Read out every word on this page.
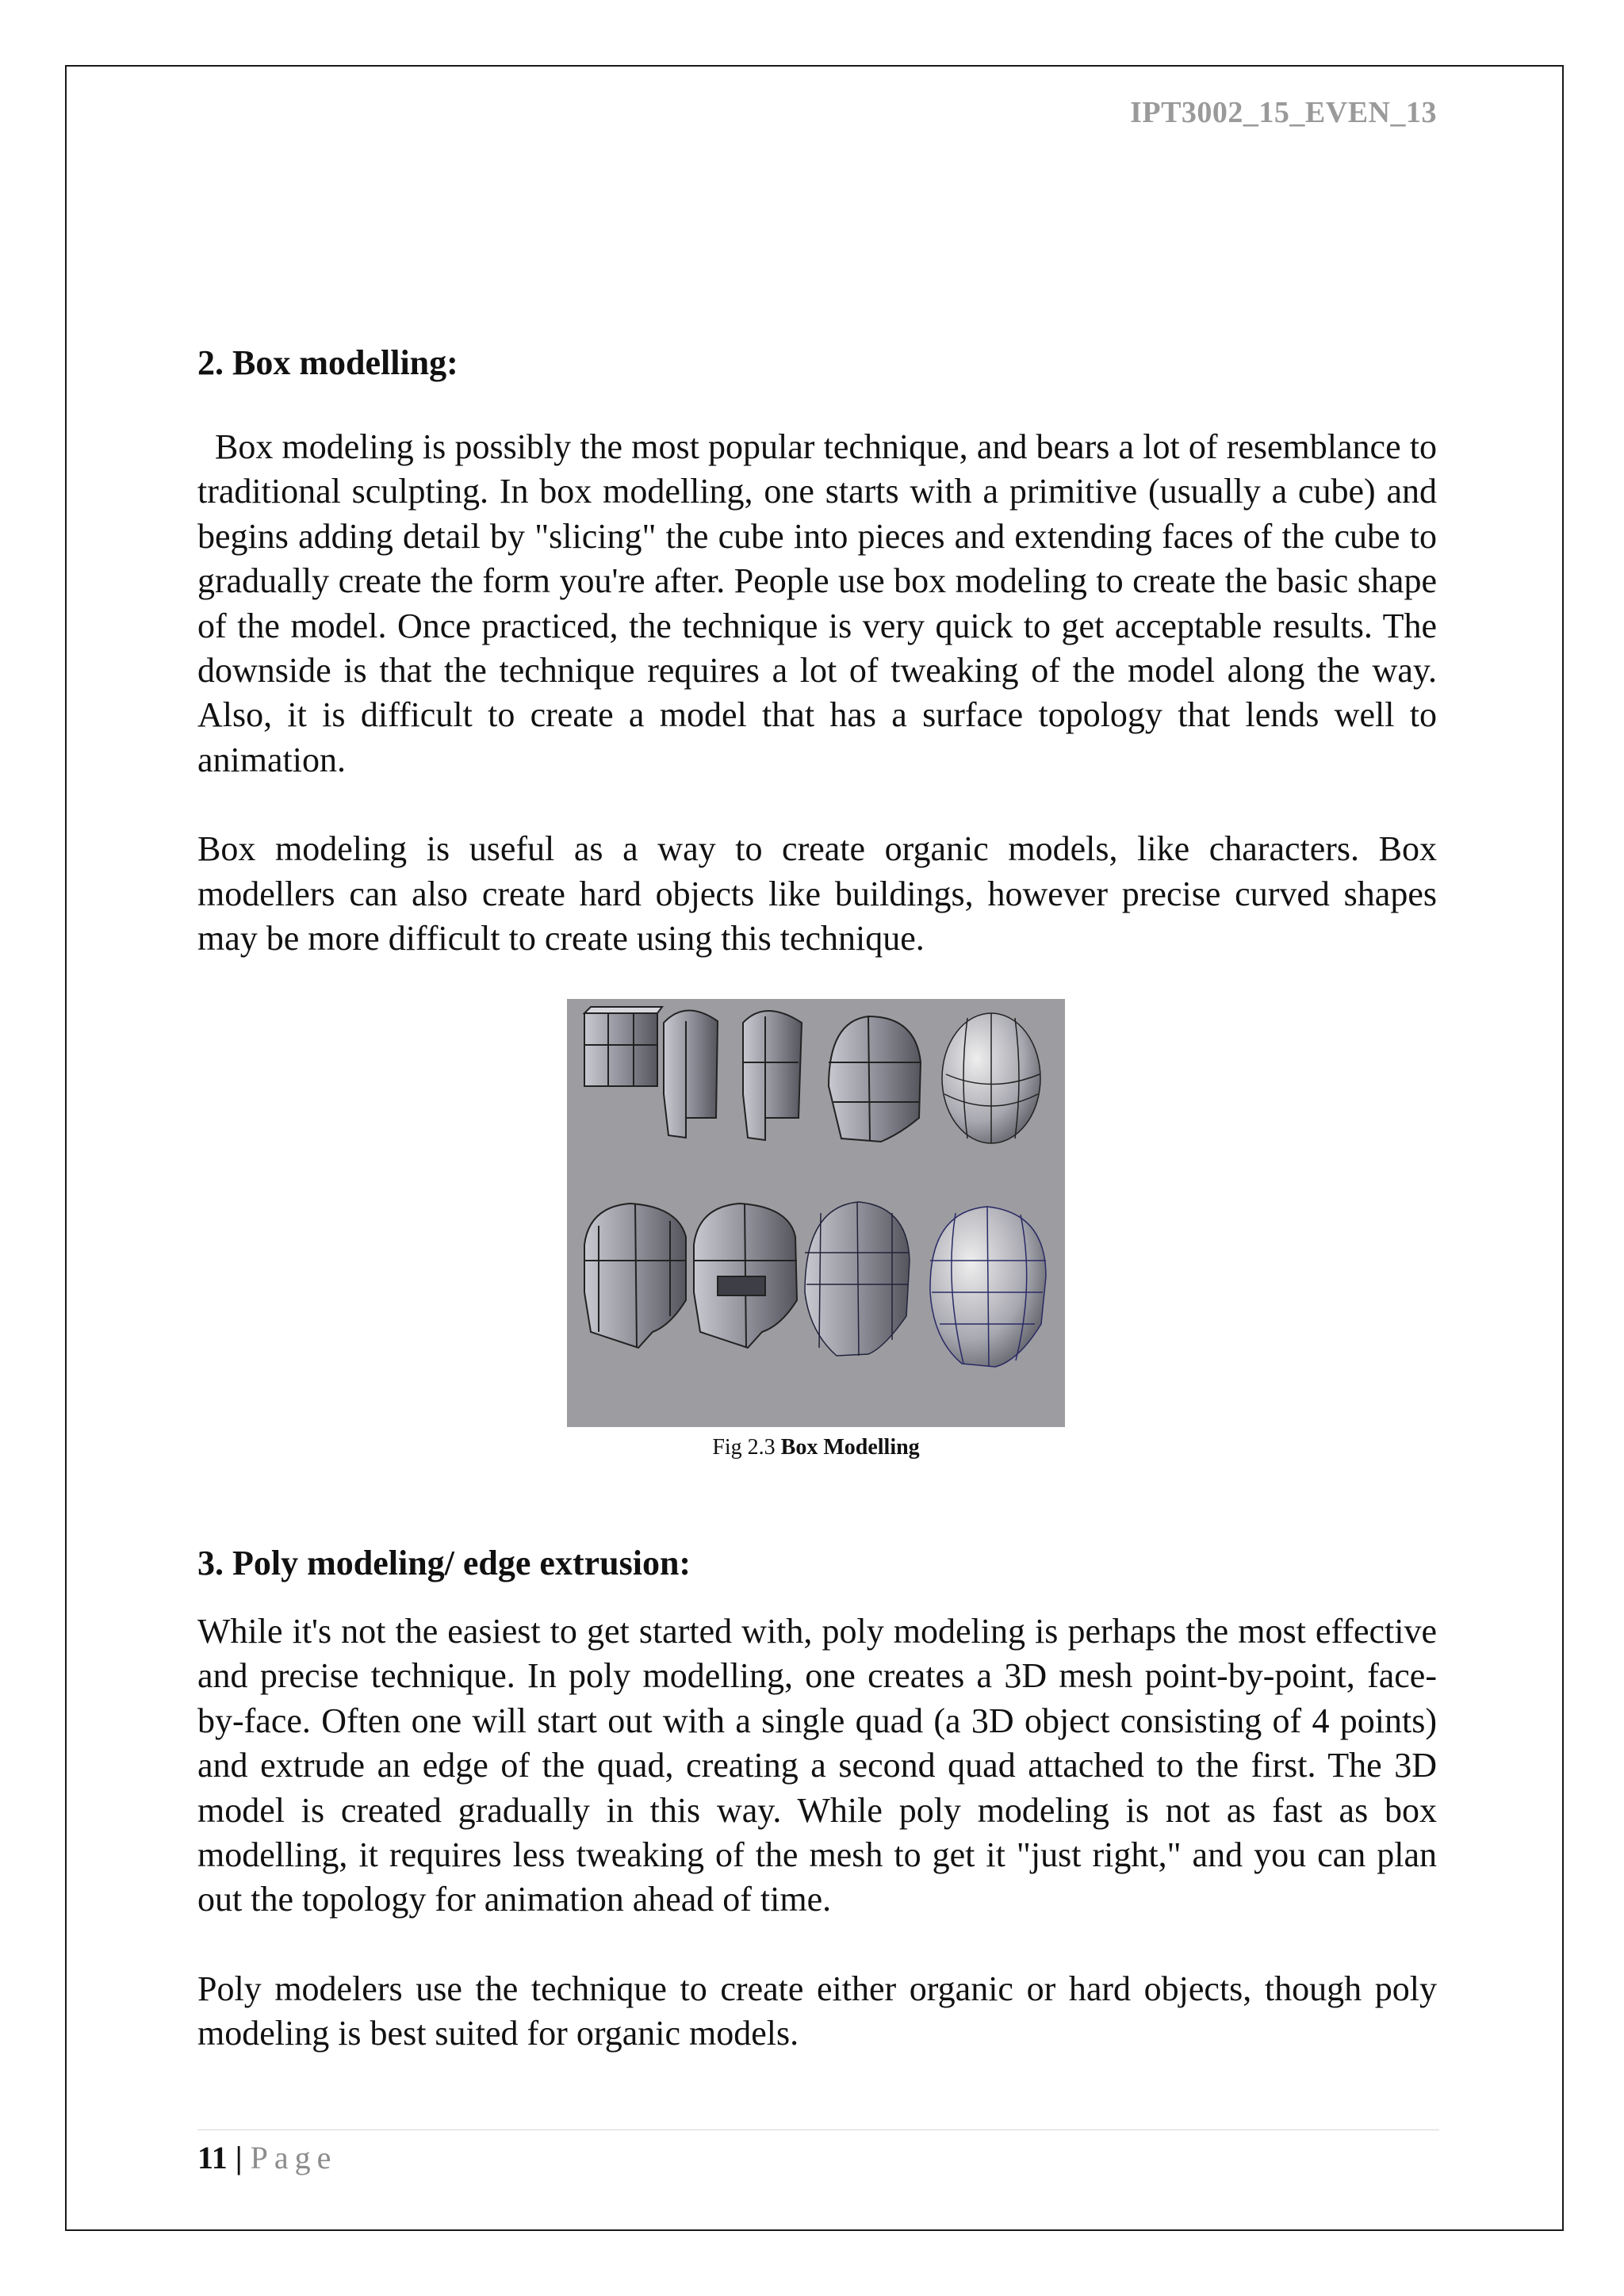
IPT3002_15_EVEN_13
2. Box modelling:

Box modeling is possibly the most popular technique, and bears a lot of resemblance to traditional sculpting. In box modelling, one starts with a primitive (usually a cube) and begins adding detail by "slicing" the cube into pieces and extending faces of the cube to gradually create the form you're after. People use box modeling to create the basic shape of the model. Once practiced, the technique is very quick to get acceptable results. The downside is that the technique requires a lot of tweaking of the model along the way. Also, it is difficult to create a model that has a surface topology that lends well to animation.

Box modeling is useful as a way to create organic models, like characters. Box modellers can also create hard objects like buildings, however precise curved shapes may be more difficult to create using this technique.

Fig 2.3 Box Modelling
3. Poly modeling/ edge extrusion:

While it's not the easiest to get started with, poly modeling is perhaps the most effective and precise technique. In poly modelling, one creates a 3D mesh point-by-point, face-by-face. Often one will start out with a single quad (a 3D object consisting of 4 points) and extrude an edge of the quad, creating a second quad attached to the first. The 3D model is created gradually in this way. While poly modeling is not as fast as box modelling, it requires less tweaking of the mesh to get it "just right," and you can plan out the topology for animation ahead of time.

Poly modelers use the technique to create either organic or hard objects, though poly modeling is best suited for organic models.

11 | Page
